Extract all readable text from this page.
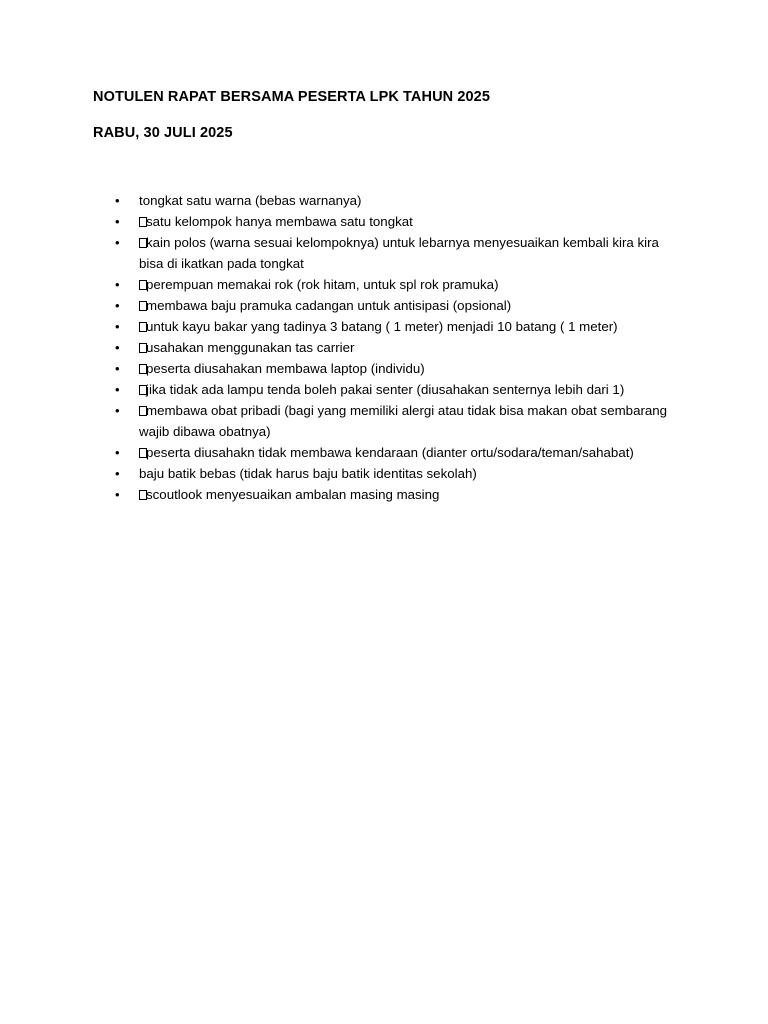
NOTULEN RAPAT BERSAMA PESERTA LPK TAHUN 2025
RABU, 30 JULI 2025
•	tongkat satu warna (bebas warnanya)
•	satu kelompok hanya membawa satu tongkat
•	kain polos (warna sesuai kelompoknya) untuk lebarnya menyesuaikan kembali kira kira bisa di ikatkan pada tongkat
•	perempuan memakai rok (rok hitam, untuk spl rok pramuka)
•	membawa baju pramuka cadangan untuk antisipasi (opsional)
•	untuk kayu bakar yang tadinya 3 batang ( 1 meter) menjadi 10 batang ( 1 meter)
•	usahakan menggunakan tas carrier
•	peserta diusahakan membawa laptop (individu)
•	jika tidak ada lampu tenda boleh pakai senter (diusahakan senternya lebih dari 1)
•	membawa obat pribadi (bagi yang memiliki alergi atau tidak bisa makan obat sembarang wajib dibawa obatnya)
•	peserta diusahakn tidak membawa kendaraan (dianter ortu/sodara/teman/sahabat)
•	baju batik bebas (tidak harus baju batik identitas sekolah)
•	scoutlook menyesuaikan ambalan masing masing
